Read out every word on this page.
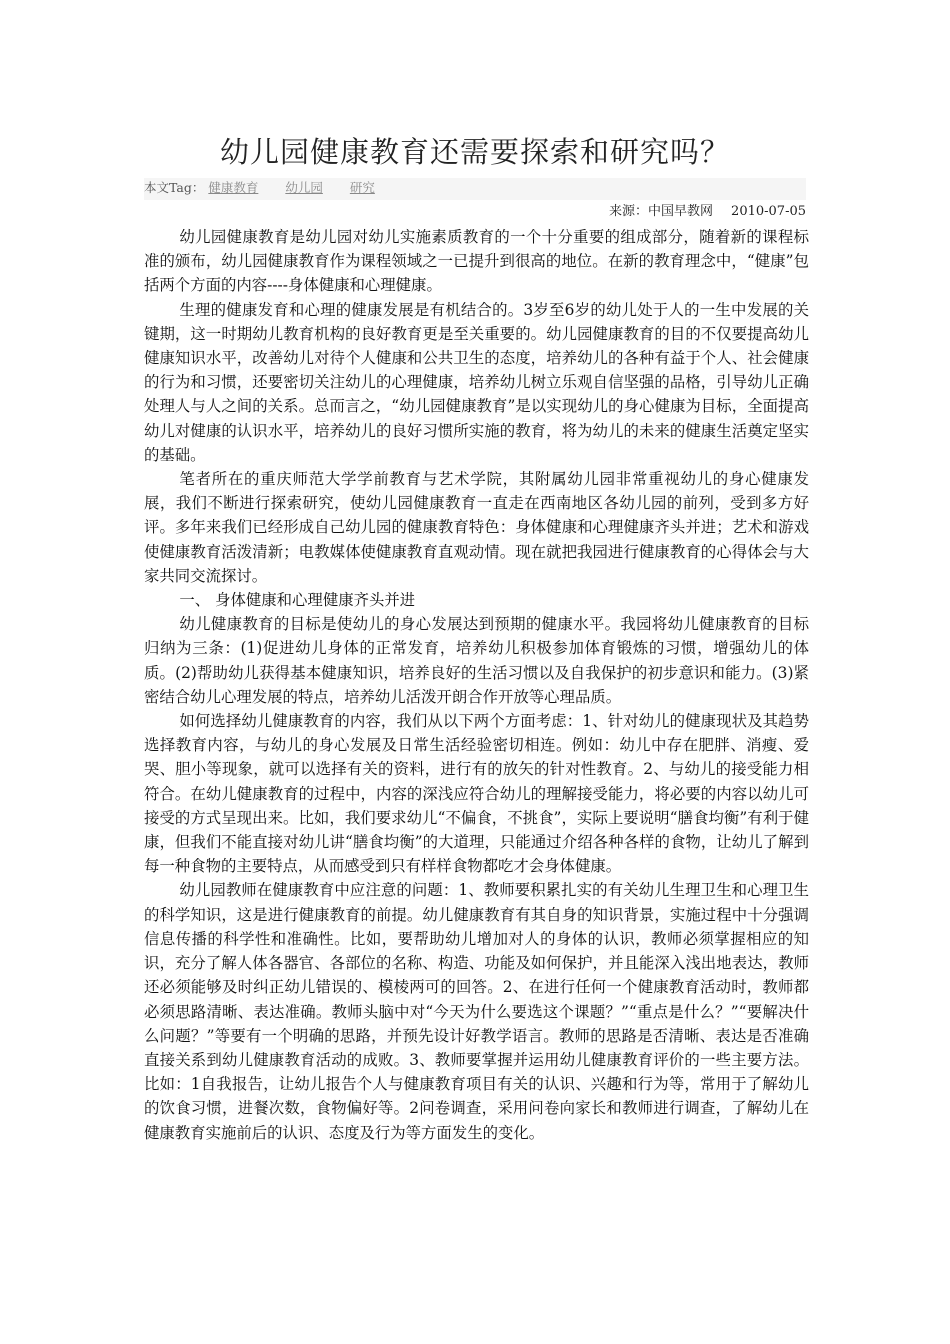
幼儿园健康教育还需要探索和研究吗？
本文Tag： 健康教育 幼儿园 研究
来源：中国早教网 2010-07-05

幼儿园健康教育是幼儿园对幼儿实施素质教育的一个十分重要的组成部分，随着新的课程标准的颁布，幼儿园健康教育作为课程领域之一已提升到很高的地位。在新的教育理念中，“健康”包括两个方面的内容----身体健康和心理健康。

生理的健康发育和心理的健康发展是有机结合的。3岁至6岁的幼儿处于人的一生中发展的关键期，这一时期幼儿教育机构的良好教育更是至关重要的。幼儿园健康教育的目的不仅要提高幼儿健康知识水平，改善幼儿对待个人健康和公共卫生的态度，培养幼儿的各种有益于个人、社会健康的行为和习惯，还要密切关注幼儿的心理健康，培养幼儿树立乐观自信坚强的品格，引导幼儿正确处理人与人之间的关系。总而言之，“幼儿园健康教育”是以实现幼儿的身心健康为目标，全面提高幼儿对健康的认识水平，培养幼儿的良好习惯所实施的教育，将为幼儿的未来的健康生活奠定坚实的基础。

笔者所在的重庆师范大学学前教育与艺术学院，其附属幼儿园非常重视幼儿的身心健康发展，我们不断进行探索研究，使幼儿园健康教育一直走在西南地区各幼儿园的前列，受到多方好评。多年来我们已经形成自己幼儿园的健康教育特色：身体健康和心理健康齐头并进；艺术和游戏使健康教育活泼清新；电教媒体使健康教育直观动情。现在就把我园进行健康教育的心得体会与大家共同交流探讨。

一、 身体健康和心理健康齐头并进

幼儿健康教育的目标是使幼儿的身心发展达到预期的健康水平。我园将幼儿健康教育的目标归纳为三条：(1)促进幼儿身体的正常发育，培养幼儿积极参加体育锻炼的习惯，增强幼儿的体质。(2)帮助幼儿获得基本健康知识，培养良好的生活习惯以及自我保护的初步意识和能力。(3)紧密结合幼儿心理发展的特点，培养幼儿活泼开朗合作开放等心理品质。

如何选择幼儿健康教育的内容，我们从以下两个方面考虑：1、针对幼儿的健康现状及其趋势选择教育内容，与幼儿的身心发展及日常生活经验密切相连。例如：幼儿中存在肥胖、消瘦、爱哭、胆小等现象，就可以选择有关的资料，进行有的放矢的针对性教育。2、与幼儿的接受能力相符合。在幼儿健康教育的过程中，内容的深浅应符合幼儿的理解接受能力，将必要的内容以幼儿可接受的方式呈现出来。比如，我们要求幼儿“不偏食，不挑食”，实际上要说明“膳食均衡”有利于健康，但我们不能直接对幼儿讲“膳食均衡”的大道理，只能通过介绍各种各样的食物，让幼儿了解到每一种食物的主要特点，从而感受到只有样样食物都吃才会身体健康。

幼儿园教师在健康教育中应注意的问题：1、教师要积累扎实的有关幼儿生理卫生和心理卫生的科学知识，这是进行健康教育的前提。幼儿健康教育有其自身的知识背景，实施过程中十分强调信息传播的科学性和准确性。比如，要帮助幼儿增加对人的身体的认识，教师必须掌握相应的知识，充分了解人体各器官、各部位的名称、构造、功能及如何保护，并且能深入浅出地表达，教师还必须能够及时纠正幼儿错误的、模棱两可的回答。2、在进行任何一个健康教育活动时，教师都必须思路清晰、表达准确。教师头脑中对“今天为什么要选这个课题？”“重点是什么？”“要解决什么问题？”等要有一个明确的思路，并预先设计好教学语言。教师的思路是否清晰、表达是否准确直接关系到幼儿健康教育活动的成败。3、教师要掌握并运用幼儿健康教育评价的一些主要方法。比如：1自我报告，让幼儿报告个人与健康教育项目有关的认识、兴趣和行为等，常用于了解幼儿的饮食习惯，进餐次数，食物偏好等。2问卷调查，采用问卷向家长和教师进行调查，了解幼儿在健康教育实施前后的认识、态度及行为等方面发生的变化。
